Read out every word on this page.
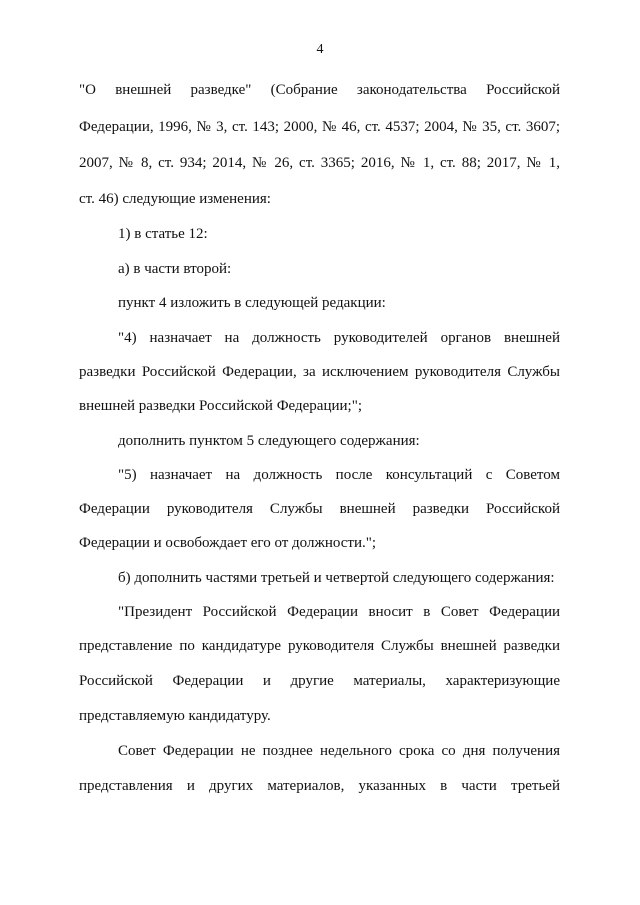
4
"О внешней разведке" (Собрание законодательства Российской
Федерации, 1996, № 3, ст. 143; 2000, № 46, ст. 4537; 2004, № 35, ст. 3607;
2007, № 8, ст. 934; 2014, № 26, ст. 3365; 2016, № 1, ст. 88; 2017, № 1,
ст. 46) следующие изменения:
1) в статье 12:
а) в части второй:
пункт 4 изложить в следующей редакции:
"4) назначает на должность руководителей органов внешней
разведки Российской Федерации, за исключением руководителя Службы
внешней разведки Российской Федерации;";
дополнить пунктом 5 следующего содержания:
"5) назначает на должность после консультаций с Советом
Федерации руководителя Службы внешней разведки Российской
Федерации и освобождает его от должности.";
б) дополнить частями третьей и четвертой следующего содержания:
"Президент Российской Федерации вносит в Совет Федерации
представление по кандидатуре руководителя Службы внешней разведки
Российской Федерации и другие материалы, характеризующие
представляемую кандидатуру.
Совет Федерации не позднее недельного срока со дня получения
представления и других материалов, указанных в части третьей
